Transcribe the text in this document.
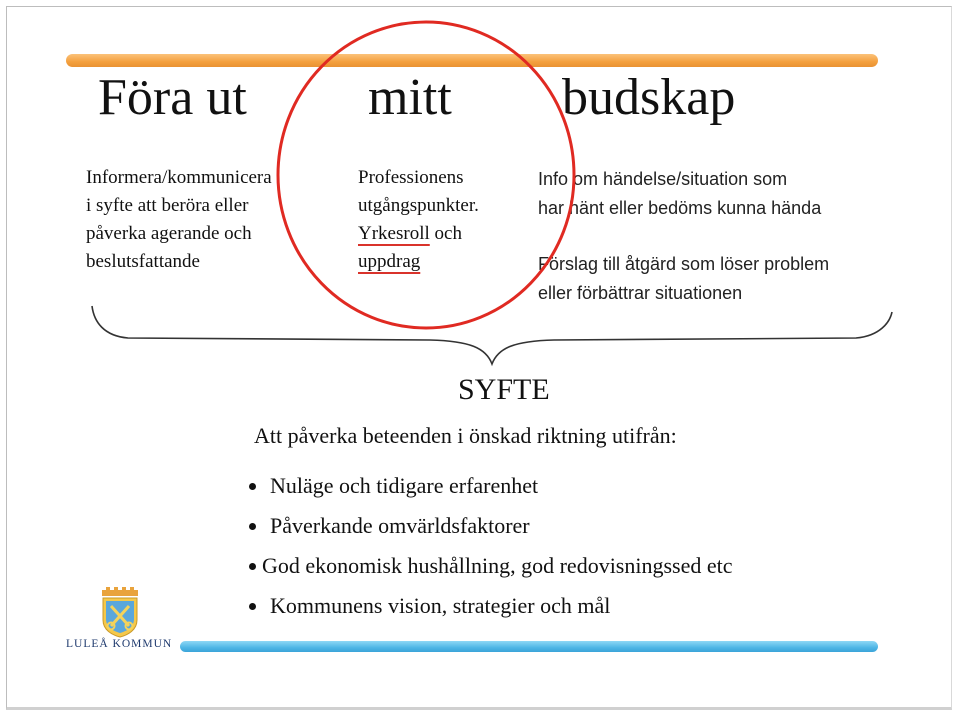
Föra ut mitt budskap
Informera/kommunicera
i syfte att beröra eller
påverka agerande och
beslutsfattande
Professionens
utgångspunkter.
Yrkesroll och
uppdrag
Info om händelse/situation som
har hänt eller bedöms kunna hända
Förslag till åtgärd som löser problem
eller förbättrar situationen
SYFTE
Att påverka beteenden i önskad riktning utifrån:
Nuläge och tidigare erfarenhet
Påverkande omvärldsfaktorer
God ekonomisk hushållning, god redovisningssed etc
Kommunens vision, strategier och mål
LULEÅ KOMMUN
